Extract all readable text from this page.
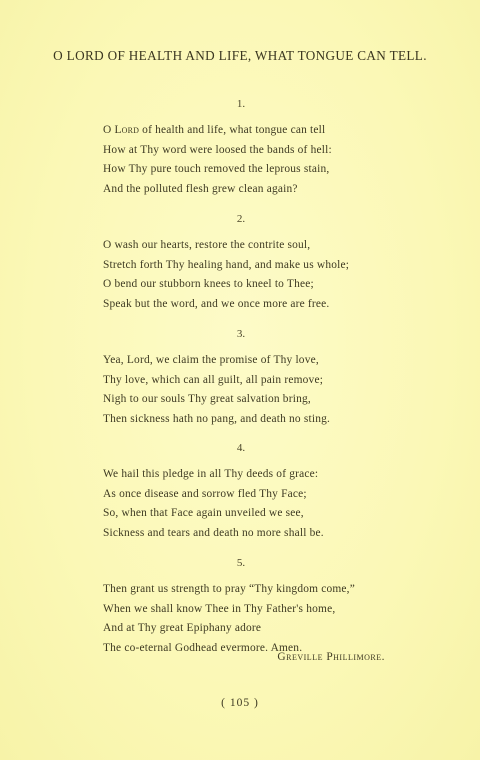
O LORD OF HEALTH AND LIFE, WHAT TONGUE CAN TELL.
1.
O Lord of health and life, what tongue can tell
How at Thy word were loosed the bands of hell:
How Thy pure touch removed the leprous stain,
And the polluted flesh grew clean again?
2.
O wash our hearts, restore the contrite soul,
Stretch forth Thy healing hand, and make us whole;
O bend our stubborn knees to kneel to Thee;
Speak but the word, and we once more are free.
3.
Yea, Lord, we claim the promise of Thy love,
Thy love, which can all guilt, all pain remove;
Nigh to our souls Thy great salvation bring,
Then sickness hath no pang, and death no sting.
4.
We hail this pledge in all Thy deeds of grace:
As once disease and sorrow fled Thy Face;
So, when that Face again unveiled we see,
Sickness and tears and death no more shall be.
5.
Then grant us strength to pray “Thy kingdom come,”
When we shall know Thee in Thy Father's home,
And at Thy great Epiphany adore
The co-eternal Godhead evermore. Amen.
Greville Phillimore.
( 105 )
